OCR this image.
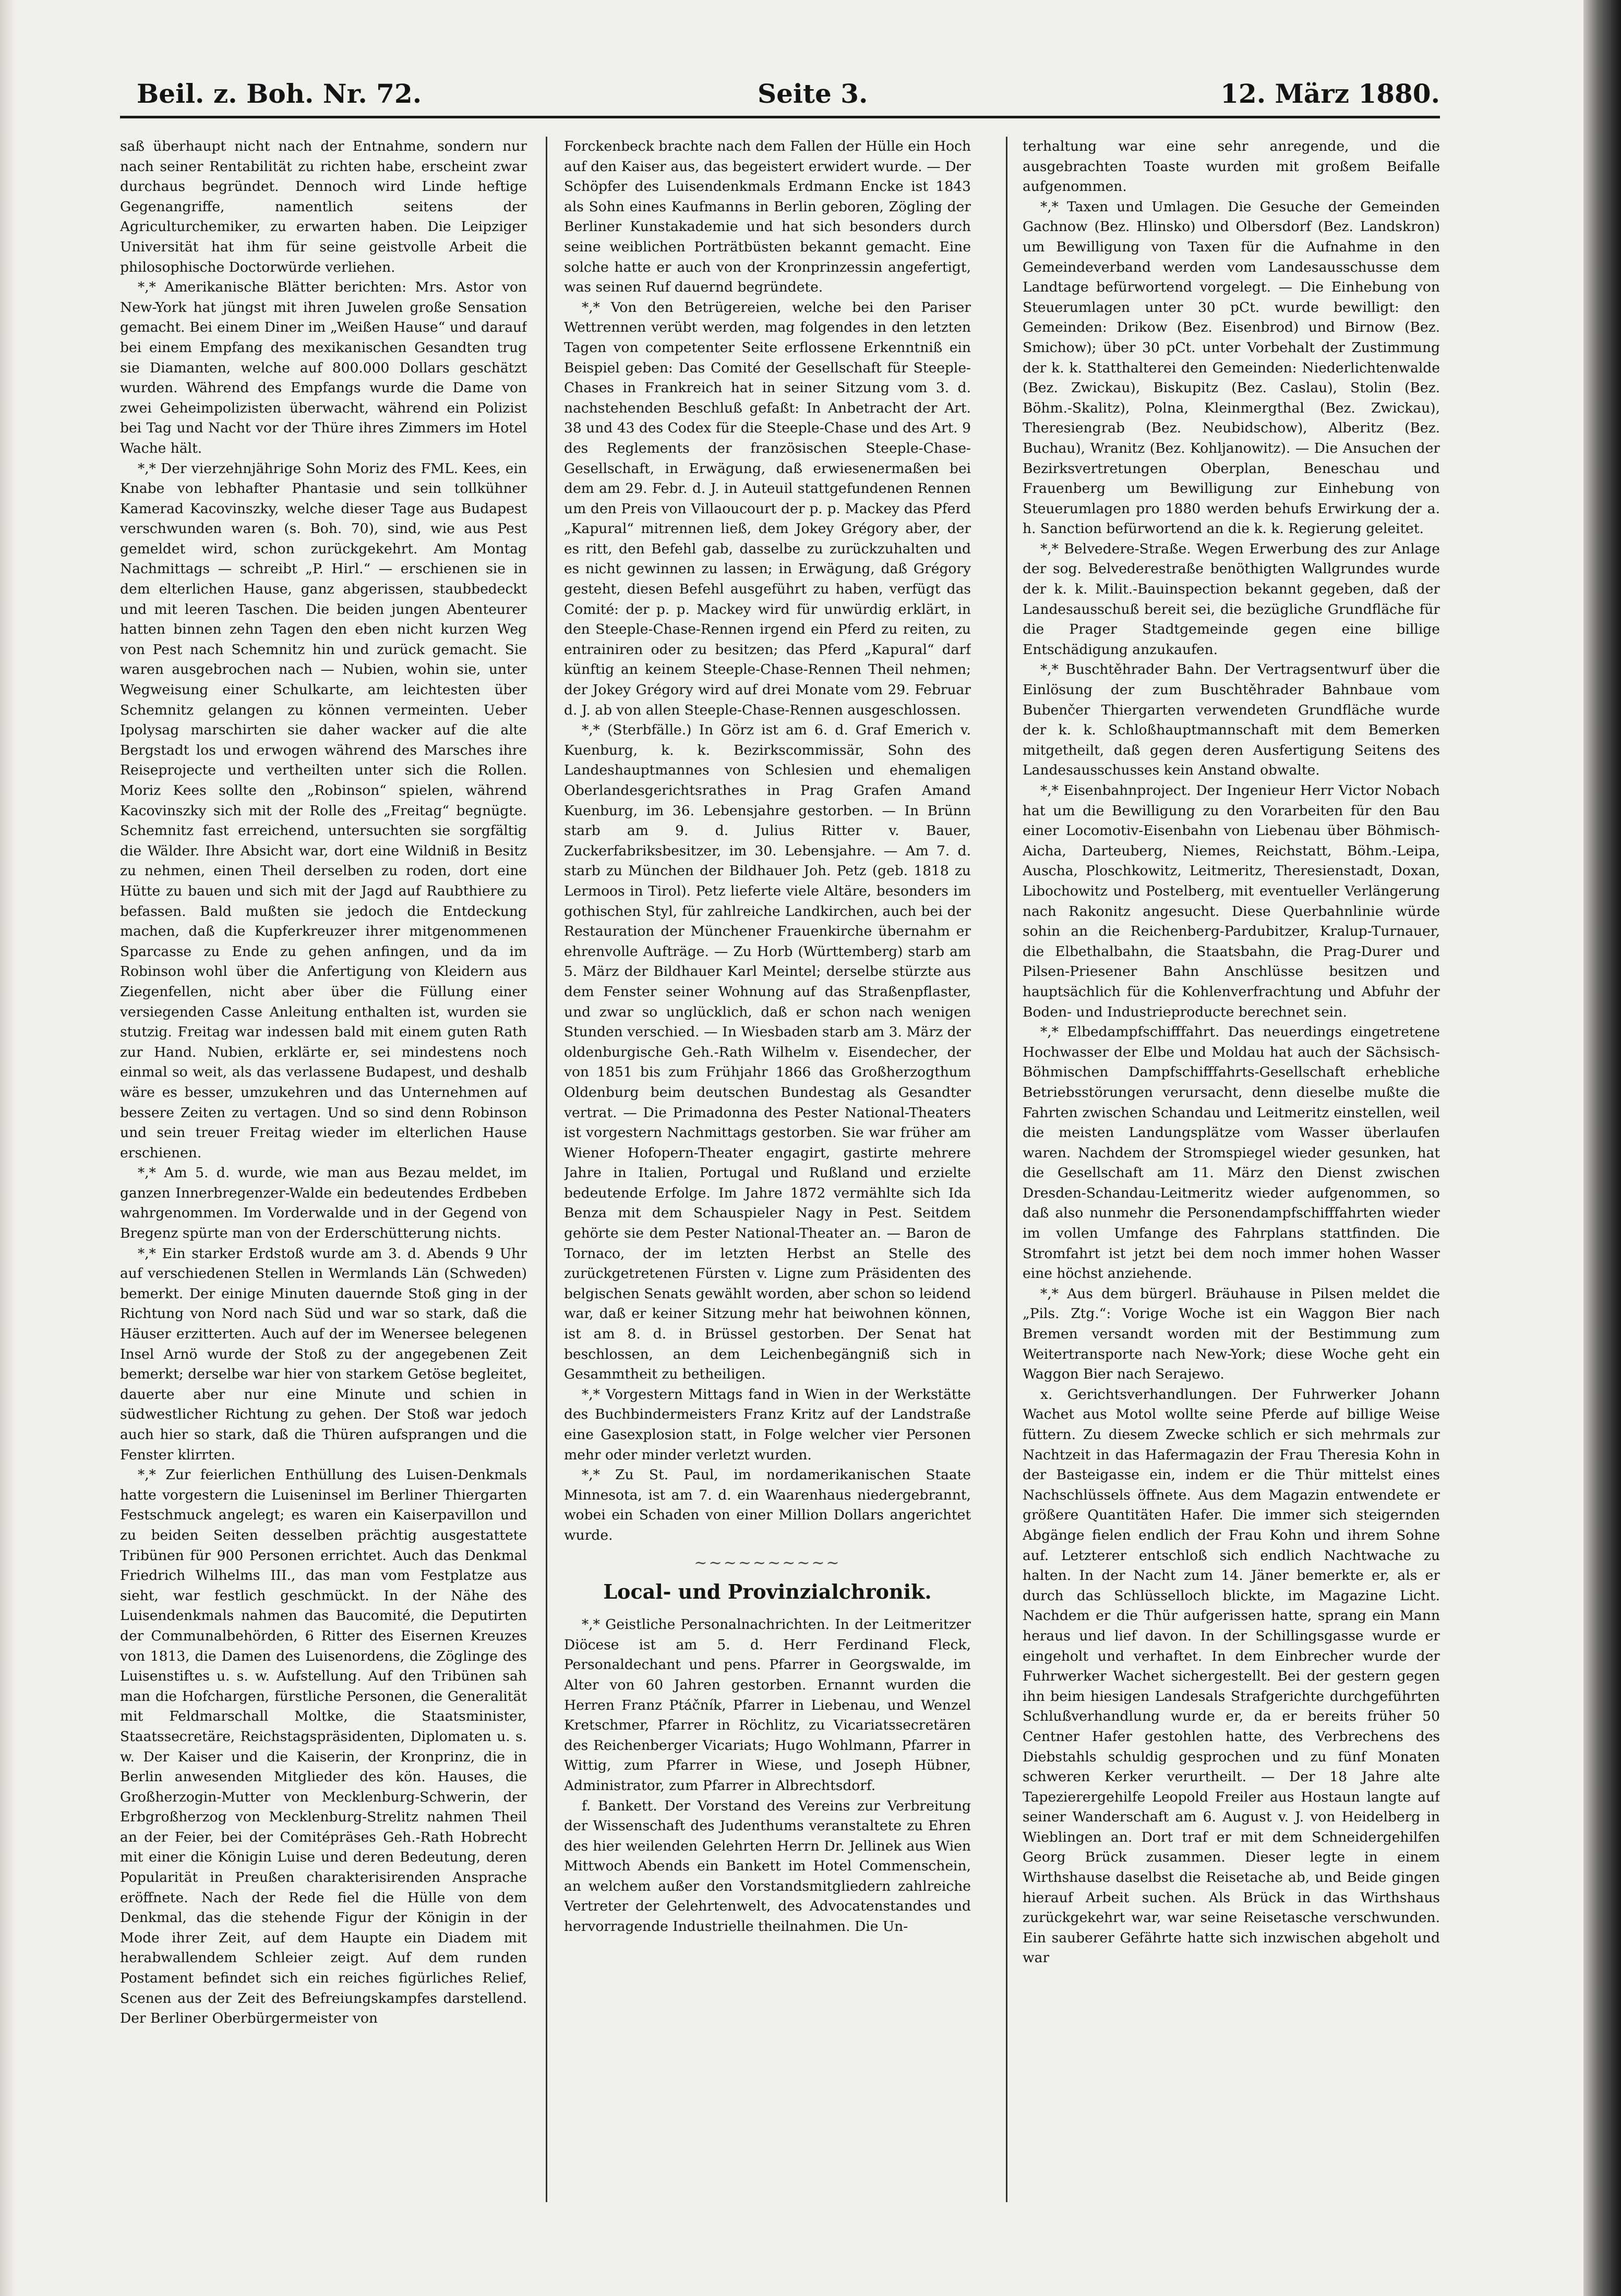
Beil. z. Boh. Nr. 72.	Seite 3.	12. März 1880.

saß überhaupt nicht nach der Entnahme, sondern nur nach seiner Rentabilität zu richten habe, erscheint zwar durchaus begründet. Dennoch wird Linde heftige Gegenangriffe, namentlich seitens der Agriculturchemiker, zu erwarten haben. Die Leipziger Universität hat ihm für seine geistvolle Arbeit die philosophische Doctorwürde verliehen.

*,* Amerikanische Blätter berichten: Mrs. Astor von New-York hat jüngst mit ihren Juwelen große Sensation gemacht. Bei einem Diner im „Weißen Hause“ und darauf bei einem Empfang des mexikanischen Gesandten trug sie Diamanten, welche auf 800.000 Dollars geschätzt wurden. Während des Empfangs wurde die Dame von zwei Geheimpolizisten überwacht, während ein Polizist bei Tag und Nacht vor der Thüre ihres Zimmers im Hotel Wache hält.

*,* Der vierzehnjährige Sohn Moriz des FML. Kees, ein Knabe von lebhafter Phantasie und sein tollkühner Kamerad Kacovinszky, welche dieser Tage aus Budapest verschwunden waren (s. Boh. 70), sind, wie aus Pest gemeldet wird, schon zurückgekehrt. Am Montag Nachmittags — schreibt „P. Hirl.“ — erschienen sie in dem elterlichen Hause, ganz abgerissen, staubbedeckt und mit leeren Taschen. Die beiden jungen Abenteurer hatten binnen zehn Tagen den eben nicht kurzen Weg von Pest nach Schemnitz hin und zurück gemacht. Sie waren ausgebrochen nach — Nubien, wohin sie, unter Wegweisung einer Schulkarte, am leichtesten über Schemnitz gelangen zu können vermeinten. Ueber Ipolysag marschirten sie daher wacker auf die alte Bergstadt los und erwogen während des Marsches ihre Reiseprojecte und vertheilten unter sich die Rollen. Moriz Kees sollte den „Robinson“ spielen, während Kacovinszky sich mit der Rolle des „Freitag“ begnügte. Schemnitz fast erreichend, untersuchten sie sorgfältig die Wälder. Ihre Absicht war, dort eine Wildniß in Besitz zu nehmen, einen Theil derselben zu roden, dort eine Hütte zu bauen und sich mit der Jagd auf Raubthiere zu befassen. Bald mußten sie jedoch die Entdeckung machen, daß die Kupferkreuzer ihrer mitgenommenen Sparcasse zu Ende zu gehen anfingen, und da im Robinson wohl über die Anfertigung von Kleidern aus Ziegenfellen, nicht aber über die Füllung einer versiegenden Casse Anleitung enthalten ist, wurden sie stutzig. Freitag war indessen bald mit einem guten Rath zur Hand. Nubien, erklärte er, sei mindestens noch einmal so weit, als das verlassene Budapest, und deshalb wäre es besser, umzukehren und das Unternehmen auf bessere Zeiten zu vertagen. Und so sind denn Robinson und sein treuer Freitag wieder im elterlichen Hause erschienen.

*,* Am 5. d. wurde, wie man aus Bezau meldet, im ganzen Innerbregenzer-Walde ein bedeutendes Erdbeben wahrgenommen. Im Vorderwalde und in der Gegend von Bregenz spürte man von der Erderschütterung nichts.

*,* Ein starker Erdstoß wurde am 3. d. Abends 9 Uhr auf verschiedenen Stellen in Wermlands Län (Schweden) bemerkt. Der einige Minuten dauernde Stoß ging in der Richtung von Nord nach Süd und war so stark, daß die Häuser erzitterten. Auch auf der im Wenersee belegenen Insel Arnö wurde der Stoß zu der angegebenen Zeit bemerkt; derselbe war hier von starkem Getöse begleitet, dauerte aber nur eine Minute und schien in südwestlicher Richtung zu gehen. Der Stoß war jedoch auch hier so stark, daß die Thüren aufsprangen und die Fenster klirrten.

*,* Zur feierlichen Enthüllung des Luisen-Denkmals hatte vorgestern die Luiseninsel im Berliner Thiergarten Festschmuck angelegt; es waren ein Kaiserpavillon und zu beiden Seiten desselben prächtig ausgestattete Tribünen für 900 Personen errichtet. Auch das Denkmal Friedrich Wilhelms III., das man vom Festplatze aus sieht, war festlich geschmückt. In der Nähe des Luisendenkmals nahmen das Baucomité, die Deputirten der Communalbehörden, 6 Ritter des Eisernen Kreuzes von 1813, die Damen des Luisenordens, die Zöglinge des Luisenstiftes u. s. w. Aufstellung. Auf den Tribünen sah man die Hofchargen, fürstliche Personen, die Generalität mit Feldmarschall Moltke, die Staatsminister, Staatssecretäre, Reichstagspräsidenten, Diplomaten u. s. w. Der Kaiser und die Kaiserin, der Kronprinz, die in Berlin anwesenden Mitglieder des kön. Hauses, die Großherzogin-Mutter von Mecklenburg-Schwerin, der Erbgroßherzog von Mecklenburg-Strelitz nahmen Theil an der Feier, bei der Comitépräses Geh.-Rath Hobrecht mit einer die Königin Luise und deren Bedeutung, deren Popularität in Preußen charakterisirenden Ansprache eröffnete. Nach der Rede fiel die Hülle von dem Denkmal, das die stehende Figur der Königin in der Mode ihrer Zeit, auf dem Haupte ein Diadem mit herabwallendem Schleier zeigt. Auf dem runden Postament befindet sich ein reiches figürliches Relief, Scenen aus der Zeit des Befreiungskampfes darstellend. Der Berliner Oberbürgermeister von

Forckenbeck brachte nach dem Fallen der Hülle ein Hoch auf den Kaiser aus, das begeistert erwidert wurde. — Der Schöpfer des Luisendenkmals Erdmann Encke ist 1843 als Sohn eines Kaufmanns in Berlin geboren, Zögling der Berliner Kunstakademie und hat sich besonders durch seine weiblichen Porträtbüsten bekannt gemacht. Eine solche hatte er auch von der Kronprinzessin angefertigt, was seinen Ruf dauernd begründete.

*,* Von den Betrügereien, welche bei den Pariser Wettrennen verübt werden, mag folgendes in den letzten Tagen von competenter Seite erflossene Erkenntniß ein Beispiel geben: Das Comité der Gesellschaft für Steeple-Chases in Frankreich hat in seiner Sitzung vom 3. d. nachstehenden Beschluß gefaßt: In Anbetracht der Art. 38 und 43 des Codex für die Steeple-Chase und des Art. 9 des Reglements der französischen Steeple-Chase-Gesellschaft, in Erwägung, daß erwiesenermaßen bei dem am 29. Febr. d. J. in Auteuil stattgefundenen Rennen um den Preis von Villaoucourt der p. p. Mackey das Pferd „Kapural“ mitrennen ließ, dem Jokey Grégory aber, der es ritt, den Befehl gab, dasselbe zu zurückzuhalten und es nicht gewinnen zu lassen; in Erwägung, daß Grégory gesteht, diesen Befehl ausgeführt zu haben, verfügt das Comité: der p. p. Mackey wird für unwürdig erklärt, in den Steeple-Chase-Rennen irgend ein Pferd zu reiten, zu entrainiren oder zu besitzen; das Pferd „Kapural“ darf künftig an keinem Steeple-Chase-Rennen Theil nehmen; der Jokey Grégory wird auf drei Monate vom 29. Februar d. J. ab von allen Steeple-Chase-Rennen ausgeschlossen.

*,* (Sterbfälle.) In Görz ist am 6. d. Graf Emerich v. Kuenburg, k. k. Bezirkscommissär, Sohn des Landeshauptmannes von Schlesien und ehemaligen Oberlandesgerichtsrathes in Prag Grafen Amand Kuenburg, im 36. Lebensjahre gestorben. — In Brünn starb am 9. d. Julius Ritter v. Bauer, Zuckerfabriksbesitzer, im 30. Lebensjahre. — Am 7. d. starb zu München der Bildhauer Joh. Petz (geb. 1818 zu Lermoos in Tirol). Petz lieferte viele Altäre, besonders im gothischen Styl, für zahlreiche Landkirchen, auch bei der Restauration der Münchener Frauenkirche übernahm er ehrenvolle Aufträge. — Zu Horb (Württemberg) starb am 5. März der Bildhauer Karl Meintel; derselbe stürzte aus dem Fenster seiner Wohnung auf das Straßenpflaster, und zwar so unglücklich, daß er schon nach wenigen Stunden verschied. — In Wiesbaden starb am 3. März der oldenburgische Geh.-Rath Wilhelm v. Eisendecher, der von 1851 bis zum Frühjahr 1866 das Großherzogthum Oldenburg beim deutschen Bundestag als Gesandter vertrat. — Die Primadonna des Pester National-Theaters ist vorgestern Nachmittags gestorben. Sie war früher am Wiener Hofopern-Theater engagirt, gastirte mehrere Jahre in Italien, Portugal und Rußland und erzielte bedeutende Erfolge. Im Jahre 1872 vermählte sich Ida Benza mit dem Schauspieler Nagy in Pest. Seitdem gehörte sie dem Pester National-Theater an. — Baron de Tornaco, der im letzten Herbst an Stelle des zurückgetretenen Fürsten v. Ligne zum Präsidenten des belgischen Senats gewählt worden, aber schon so leidend war, daß er keiner Sitzung mehr hat beiwohnen können, ist am 8. d. in Brüssel gestorben. Der Senat hat beschlossen, an dem Leichenbegängniß sich in Gesammtheit zu betheiligen.

*,* Vorgestern Mittags fand in Wien in der Werkstätte des Buchbindermeisters Franz Kritz auf der Landstraße eine Gasexplosion statt, in Folge welcher vier Personen mehr oder minder verletzt wurden.

*,* Zu St. Paul, im nordamerikanischen Staate Minnesota, ist am 7. d. ein Waarenhaus niedergebrannt, wobei ein Schaden von einer Million Dollars angerichtet wurde.

~~~~~~~~~~
Local- und Provinzialchronik.

*,* Geistliche Personalnachrichten. In der Leitmeritzer Diöcese ist am 5. d. Herr Ferdinand Fleck, Personaldechant und pens. Pfarrer in Georgswalde, im Alter von 60 Jahren gestorben. Ernannt wurden die Herren Franz Ptáčník, Pfarrer in Liebenau, und Wenzel Kretschmer, Pfarrer in Röchlitz, zu Vicariatssecretären des Reichenberger Vicariats; Hugo Wohlmann, Pfarrer in Wittig, zum Pfarrer in Wiese, und Joseph Hübner, Administrator, zum Pfarrer in Albrechtsdorf.

f. Bankett. Der Vorstand des Vereins zur Verbreitung der Wissenschaft des Judenthums veranstaltete zu Ehren des hier weilenden Gelehrten Herrn Dr. Jellinek aus Wien Mittwoch Abends ein Bankett im Hotel Commenschein, an welchem außer den Vorstandsmitgliedern zahlreiche Vertreter der Gelehrtenwelt, des Advocatenstandes und hervorragende Industrielle theilnahmen. Die Un-

terhaltung war eine sehr anregende, und die ausgebrachten Toaste wurden mit großem Beifalle aufgenommen.

*,* Taxen und Umlagen. Die Gesuche der Gemeinden Gachnow (Bez. Hlinsko) und Olbersdorf (Bez. Landskron) um Bewilligung von Taxen für die Aufnahme in den Gemeindeverband werden vom Landesausschusse dem Landtage befürwortend vorgelegt. — Die Einhebung von Steuerumlagen unter 30 pCt. wurde bewilligt: den Gemeinden: Drikow (Bez. Eisenbrod) und Birnow (Bez. Smichow); über 30 pCt. unter Vorbehalt der Zustimmung der k. k. Statthalterei den Gemeinden: Niederlichtenwalde (Bez. Zwickau), Biskupitz (Bez. Caslau), Stolin (Bez. Böhm.-Skalitz), Polna, Kleinmergthal (Bez. Zwickau), Theresiengrab (Bez. Neubidschow), Alberitz (Bez. Buchau), Wranitz (Bez. Kohljanowitz). — Die Ansuchen der Bezirksvertretungen Oberplan, Beneschau und Frauenberg um Bewilligung zur Einhebung von Steuerumlagen pro 1880 werden behufs Erwirkung der a. h. Sanction befürwortend an die k. k. Regierung geleitet.

*,* Belvedere-Straße. Wegen Erwerbung des zur Anlage der sog. Belvederestraße benöthigten Wallgrundes wurde der k. k. Milit.-Bauinspection bekannt gegeben, daß der Landesausschuß bereit sei, die bezügliche Grundfläche für die Prager Stadtgemeinde gegen eine billige Entschädigung anzukaufen.

*,* Buschtěhrader Bahn. Der Vertragsentwurf über die Einlösung der zum Buschtěhrader Bahnbaue vom Bubenčer Thiergarten verwendeten Grundfläche wurde der k. k. Schloßhauptmannschaft mit dem Bemerken mitgetheilt, daß gegen deren Ausfertigung Seitens des Landesausschusses kein Anstand obwalte.

*,* Eisenbahnproject. Der Ingenieur Herr Victor Nobach hat um die Bewilligung zu den Vorarbeiten für den Bau einer Locomotiv-Eisenbahn von Liebenau über Böhmisch-Aicha, Darteuberg, Niemes, Reichstatt, Böhm.-Leipa, Auscha, Ploschkowitz, Leitmeritz, Theresienstadt, Doxan, Libochowitz und Postelberg, mit eventueller Verlängerung nach Rakonitz angesucht. Diese Querbahnlinie würde sohin an die Reichenberg-Pardubitzer, Kralup-Turnauer, die Elbethalbahn, die Staatsbahn, die Prag-Durer und Pilsen-Priesener Bahn Anschlüsse besitzen und hauptsächlich für die Kohlenverfrachtung und Abfuhr der Boden- und Industrieproducte berechnet sein.

*,* Elbedampfschifffahrt. Das neuerdings eingetretene Hochwasser der Elbe und Moldau hat auch der Sächsisch-Böhmischen Dampfschifffahrts-Gesellschaft erhebliche Betriebsstörungen verursacht, denn dieselbe mußte die Fahrten zwischen Schandau und Leitmeritz einstellen, weil die meisten Landungsplätze vom Wasser überlaufen waren. Nachdem der Stromspiegel wieder gesunken, hat die Gesellschaft am 11. März den Dienst zwischen Dresden-Schandau-Leitmeritz wieder aufgenommen, so daß also nunmehr die Personendampfschifffahrten wieder im vollen Umfange des Fahrplans stattfinden. Die Stromfahrt ist jetzt bei dem noch immer hohen Wasser eine höchst anziehende.

*,* Aus dem bürgerl. Bräuhause in Pilsen meldet die „Pils. Ztg.“: Vorige Woche ist ein Waggon Bier nach Bremen versandt worden mit der Bestimmung zum Weitertransporte nach New-York; diese Woche geht ein Waggon Bier nach Serajewo.

x. Gerichtsverhandlungen. Der Fuhrwerker Johann Wachet aus Motol wollte seine Pferde auf billige Weise füttern. Zu diesem Zwecke schlich er sich mehrmals zur Nachtzeit in das Hafermagazin der Frau Theresia Kohn in der Basteigasse ein, indem er die Thür mittelst eines Nachschlüssels öffnete. Aus dem Magazin entwendete er größere Quantitäten Hafer. Die immer sich steigernden Abgänge fielen endlich der Frau Kohn und ihrem Sohne auf. Letzterer entschloß sich endlich Nachtwache zu halten. In der Nacht zum 14. Jäner bemerkte er, als er durch das Schlüsselloch blickte, im Magazine Licht. Nachdem er die Thür aufgerissen hatte, sprang ein Mann heraus und lief davon. In der Schillingsgasse wurde er eingeholt und verhaftet. In dem Einbrecher wurde der Fuhrwerker Wachet sichergestellt. Bei der gestern gegen ihn beim hiesigen Landesals Strafgerichte durchgeführten Schlußverhandlung wurde er, da er bereits früher 50 Centner Hafer gestohlen hatte, des Verbrechens des Diebstahls schuldig gesprochen und zu fünf Monaten schweren Kerker verurtheilt. — Der 18 Jahre alte Tapezierergehilfe Leopold Freiler aus Hostaun langte auf seiner Wanderschaft am 6. August v. J. von Heidelberg in Wieblingen an. Dort traf er mit dem Schneidergehilfen Georg Brück zusammen. Dieser legte in einem Wirthshause daselbst die Reisetache ab, und Beide gingen hierauf Arbeit suchen. Als Brück in das Wirthshaus zurückgekehrt war, war seine Reisetasche verschwunden. Ein sauberer Gefährte hatte sich inzwischen abgeholt und war
